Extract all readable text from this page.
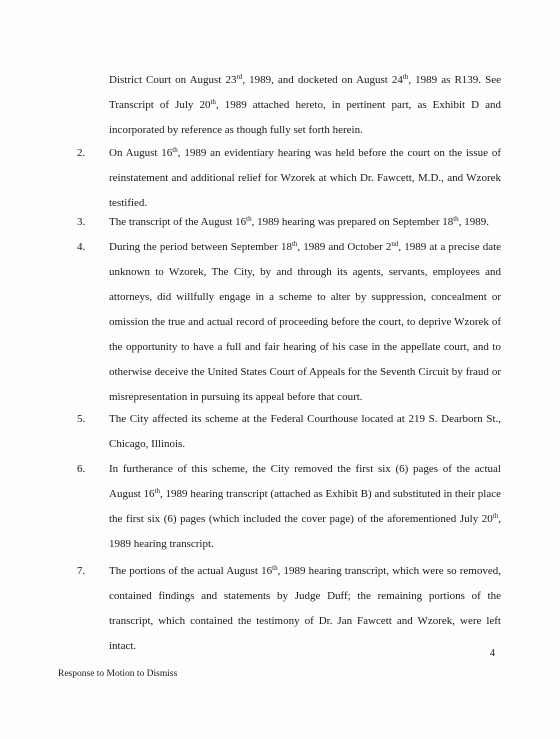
District Court on August 23rd, 1989, and docketed on August 24th, 1989 as R139. See
Transcript of July 20th, 1989 attached hereto, in pertinent part, as Exhibit D and
incorporated by reference as though fully set forth herein.
2. On August 16th, 1989 an evidentiary hearing was held before the court on the issue of
reinstatement and additional relief for Wzorek at which Dr. Fawcett, M.D., and Wzorek
testified.
3. The transcript of the August 16th, 1989 hearing was prepared on September 18th, 1989.
4. During the period between September 18th, 1989 and October 2nd, 1989 at a precise date
unknown to Wzorek, The City, by and through its agents, servants, employees and
attorneys, did willfully engage in a scheme to alter by suppression, concealment or
omission the true and actual record of proceeding before the court, to deprive Wzorek of
the opportunity to have a full and fair hearing of his case in the appellate court, and to
otherwise deceive the United States Court of Appeals for the Seventh Circuit by fraud or
misrepresentation in pursuing its appeal before that court.
5. The City affected its scheme at the Federal Courthouse located at 219 S. Dearborn St.,
Chicago, Illinois.
6. In furtherance of this scheme, the City removed the first six (6) pages of the actual
August 16th, 1989 hearing transcript (attached as Exhibit B) and substituted in their place
the first six (6) pages (which included the cover page) of the aforementioned July 20th,
1989 hearing transcript.
7. The portions of the actual August 16th, 1989 hearing transcript, which were so removed,
contained findings and statements by Judge Duff; the remaining portions of the
transcript, which contained the testimony of Dr. Jan Fawcett and Wzorek, were left
intact.
4
Response to Motion to Dismiss
